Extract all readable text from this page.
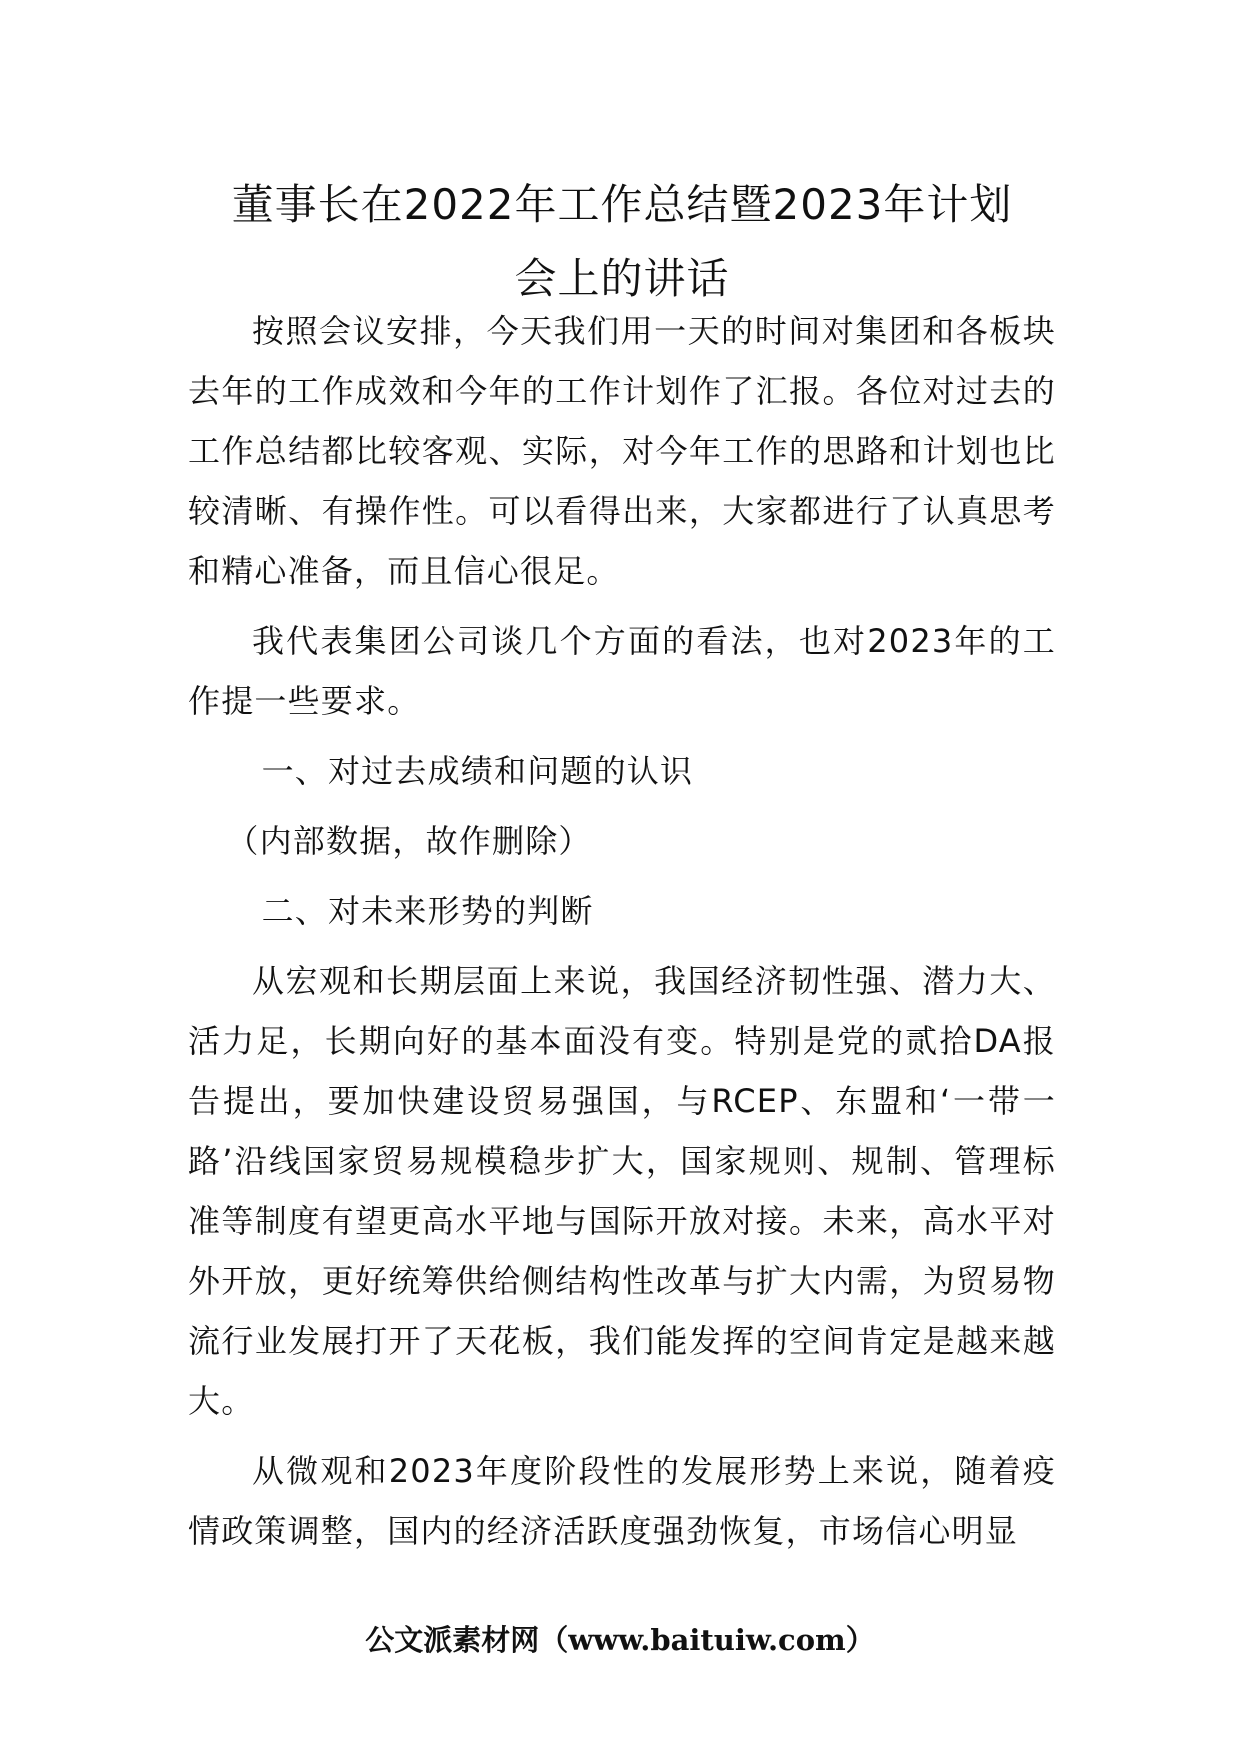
董事长在2022年工作总结暨2023年计划
会上的讲话

按照会议安排，今天我们用一天的时间对集团和各板块去年的工作成效和今年的工作计划作了汇报。各位对过去的工作总结都比较客观、实际，对今年工作的思路和计划也比较清晰、有操作性。可以看得出来，大家都进行了认真思考和精心准备，而且信心很足。

我代表集团公司谈几个方面的看法，也对2023年的工作提一些要求。

一、对过去成绩和问题的认识

（内部数据，故作删除）

二、对未来形势的判断

从宏观和长期层面上来说，我国经济韧性强、潜力大、活力足，长期向好的基本面没有变。特别是党的贰拾DA报告提出，要加快建设贸易强国，与RCEP、东盟和‘一带一路’沿线国家贸易规模稳步扩大，国家规则、规制、管理标准等制度有望更高水平地与国际开放对接。未来，高水平对外开放，更好统筹供给侧结构性改革与扩大内需，为贸易物流行业发展打开了天花板，我们能发挥的空间肯定是越来越大。

从微观和2023年度阶段性的发展形势上来说，随着疫情政策调整，国内的经济活跃度强劲恢复，市场信心明显

公文派素材网（www.baituiw.com）
